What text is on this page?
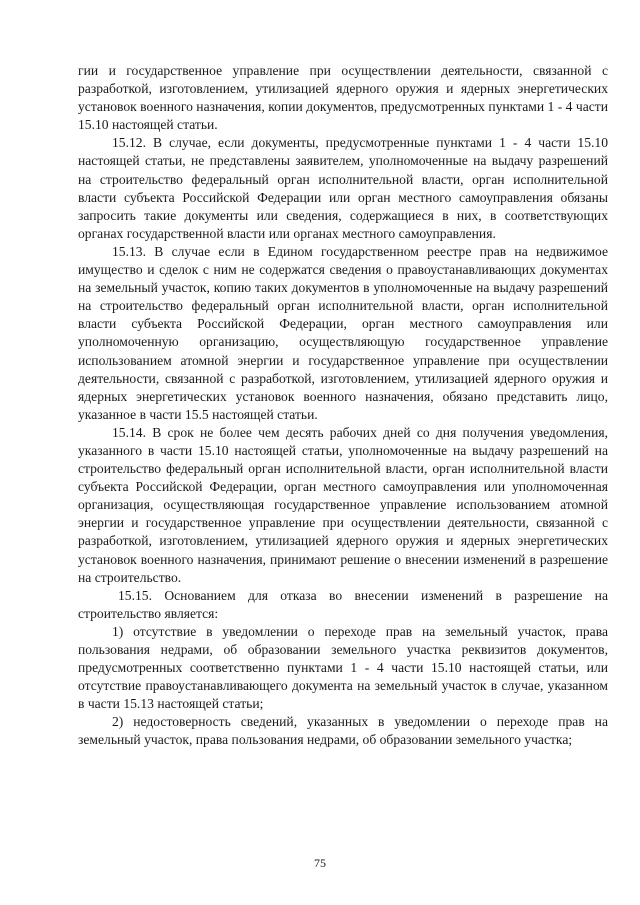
гии и государственное управление при осуществлении деятельности, связанной с разработкой, изготовлением, утилизацией ядерного оружия и ядерных энергетических установок военного назначения, копии документов, предусмотренных пунктами 1 - 4 части 15.10 настоящей статьи.

15.12. В случае, если документы, предусмотренные пунктами 1 - 4 части 15.10 настоящей статьи, не представлены заявителем, уполномоченные на выдачу разрешений на строительство федеральный орган исполнительной власти, орган исполнительной власти субъекта Российской Федерации или орган местного самоуправления обязаны запросить такие документы или сведения, содержащиеся в них, в соответствующих органах государственной власти или органах местного самоуправления.

15.13. В случае если в Едином государственном реестре прав на недвижимое имущество и сделок с ним не содержатся сведения о правоустанавливающих документах на земельный участок, копию таких документов в уполномоченные на выдачу разрешений на строительство федеральный орган исполнительной власти, орган исполнительной власти субъекта Российской Федерации, орган местного самоуправления или уполномоченную организацию, осуществляющую государственное управление использованием атомной энергии и государственное управление при осуществлении деятельности, связанной с разработкой, изготовлением, утилизацией ядерного оружия и ядерных энергетических установок военного назначения, обязано представить лицо, указанное в части 15.5 настоящей статьи.

15.14. В срок не более чем десять рабочих дней со дня получения уведомления, указанного в части 15.10 настоящей статьи, уполномоченные на выдачу разрешений на строительство федеральный орган исполнительной власти, орган исполнительной власти субъекта Российской Федерации, орган местного самоуправления или уполномоченная организация, осуществляющая государственное управление использованием атомной энергии и государственное управление при осуществлении деятельности, связанной с разработкой, изготовлением, утилизацией ядерного оружия и ядерных энергетических установок военного назначения, принимают решение о внесении изменений в разрешение на строительство.

15.15. Основанием для отказа во внесении изменений в разрешение на строительство является:

1) отсутствие в уведомлении о переходе прав на земельный участок, права пользования недрами, об образовании земельного участка реквизитов документов, предусмотренных соответственно пунктами 1 - 4 части 15.10 настоящей статьи, или отсутствие правоустанавливающего документа на земельный участок в случае, указанном в части 15.13 настоящей статьи;

2) недостоверность сведений, указанных в уведомлении о переходе прав на земельный участок, права пользования недрами, об образовании земельного участка;

75
